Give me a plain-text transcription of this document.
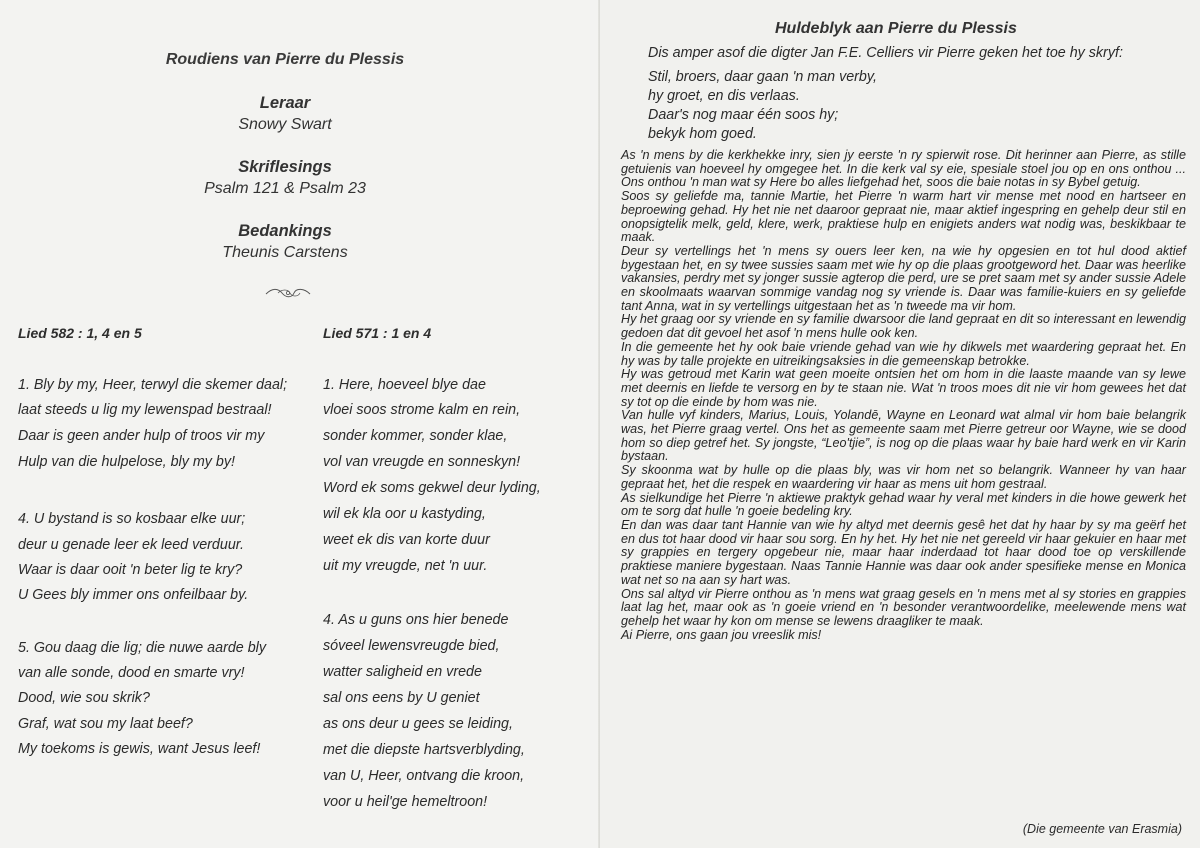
Roudiens van Pierre du Plessis
Leraar
Snowy Swart
Skriflesings
Psalm 121 & Psalm 23
Bedankings
Theunis Carstens
Lied 582 : 1, 4 en 5	Lied 571 : 1 en 4
1. Bly by my, Heer, terwyl die skemer daal;
laat steeds u lig my lewenspad bestraal!
Daar is geen ander hulp of troos vir my
Hulp van die hulpelose, bly my by!
4. U bystand is so kosbaar elke uur;
deur u genade leer ek leed verduur.
Waar is daar ooit 'n beter lig te kry?
U Gees bly immer ons onfeilbaar by.
5. Gou daag die lig; die nuwe aarde bly
van alle sonde, dood en smarte vry!
Dood, wie sou skrik?
Graf, wat sou my laat beef?
My toekoms is gewis, want Jesus leef!
1. Here, hoeveel blye dae
vloei soos strome kalm en rein,
sonder kommer, sonder klae,
vol van vreugde en sonneskyn!
Word ek soms gekwel deur lyding,
wil ek kla oor u kastyding,
weet ek dis van korte duur
uit my vreugde, net 'n uur.
4. As u guns ons hier benede
sóveel lewensvreugde bied,
watter saligheid en vrede
sal ons eens by U geniet
as ons deur u gees se leiding,
met die diepste hartsverblyding,
van U, Heer, ontvang die kroon,
voor u heil'ge hemeltroon!
Huldeblyk aan Pierre du Plessis
Dis amper asof die digter Jan F.E. Celliers vir Pierre geken het toe hy skryf:
Stil, broers, daar gaan 'n man verby,
hy groet, en dis verlaas.
Daar's nog maar één soos hy;
bekyk hom goed.

As 'n mens by die kerkhekke inry, sien jy eerste 'n ry spierwit rose. Dit herinner aan Pierre, as stille getuienis van hoeveel hy omgegee het. In die kerk val sy eie, spesiale stoel jou op en ons onthou ... Ons onthou 'n man wat sy Here bo alles liefgehad het, soos die baie notas in sy Bybel getuig.

Soos sy geliefde ma, tannie Martie, het Pierre 'n warm hart vir mense met nood en hartseer en beproewing gehad. Hy het nie net daaroor gepraat nie, maar aktief ingespring en gehelp deur stil en onopsigtelik melk, geld, klere, werk, praktiese hulp en enigiets anders wat nodig was, beskikbaar te maak.

Deur sy vertellings het 'n mens sy ouers leer ken, na wie hy opgesien en tot hul dood aktief bygestaan het, en sy twee sussies saam met wie hy op die plaas grootgeword het. Daar was heerlike vakansies, perdry met sy jonger sussie agterop die perd, ure se pret saam met sy ander sussie Adele en skoolmaats waarvan sommige vandag nog sy vriende is. Daar was familie-kuiers en sy geliefde tant Anna, wat in sy vertellings uitgestaan het as 'n tweede ma vir hom.

Hy het graag oor sy vriende en sy familie dwarsoor die land gepraat en dit so interessant en lewendig gedoen dat dit gevoel het asof 'n mens hulle ook ken.

In die gemeente het hy ook baie vriende gehad van wie hy dikwels met waardering gepraat het. En hy was by talle projekte en uitreikingsaksies in die gemeenskap betrokke.

Hy was getroud met Karin wat geen moeite ontsien het om hom in die laaste maande van sy lewe met deernis en liefde te versorg en by te staan nie. Wat 'n troos moes dit nie vir hom gewees het dat sy tot op die einde by hom was nie.

Van hulle vyf kinders, Marius, Louis, Yolandē, Wayne en Leonard wat almal vir hom baie belangrik was, het Pierre graag vertel. Ons het as gemeente saam met Pierre getreur oor Wayne, wie se dood hom so diep getref het. Sy jongste, “Leo'tjie”, is nog op die plaas waar hy baie hard werk en vir Karin bystaan.

Sy skoonma wat by hulle op die plaas bly, was vir hom net so belangrik. Wanneer hy van haar gepraat het, het die respek en waardering vir haar as mens uit hom gestraal.

As sielkundige het Pierre 'n aktiewe praktyk gehad waar hy veral met kinders in die howe gewerk het om te sorg dat hulle 'n goeie bedeling kry.

En dan was daar tant Hannie van wie hy altyd met deernis gesê het dat hy haar by sy ma geërf het en dus tot haar dood vir haar sou sorg. En hy het. Hy het nie net gereeld vir haar gekuier en haar met sy grappies en tergery opgebeur nie, maar haar inderdaad tot haar dood toe op verskillende praktiese maniere bygestaan. Naas Tannie Hannie was daar ook ander spesifieke mense en Monica wat net so na aan sy hart was.

Ons sal altyd vir Pierre onthou as 'n mens wat graag gesels en 'n mens met al sy stories en grappies laat lag het, maar ook as 'n goeie vriend en 'n besonder verantwoordelike, meelewende mens wat gehelp het waar hy kon om mense se lewens draagliker te maak.

Ai Pierre, ons gaan jou vreeslik mis!

(Die gemeente van Erasmia)
